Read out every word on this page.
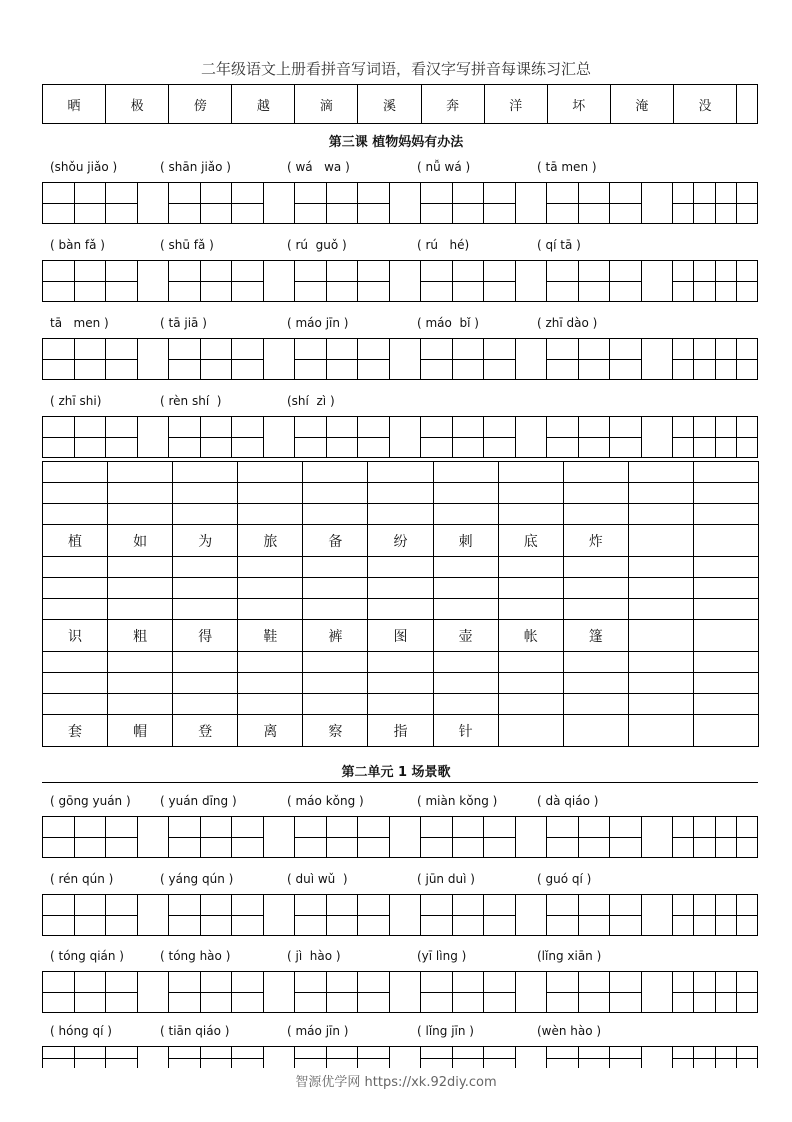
二年级语文上册看拼音写词语，看汉字写拼音每课练习汇总
晒	极	傍	越	滴	溪	奔	洋	坏	淹	没
第三课 植物妈妈有办法
(shǒu jiǎo )	( shān jiǎo )	( wá   wa )	( nǚ wá )	( tā men )
( bàn fǎ )	( shū fǎ )	( rú  guǒ )	( rú   hé)	( qí tā )
tā   men )	( tā jiā )	( máo jīn )	( máo  bǐ )	( zhī dào )
( zhī shi)	( rèn shí  )	(shí  zì )
植	如	为	旅	备	纷	刺	底	炸
识	粗	得	鞋	裤	图	壶	帐	篷
套	帽	登	离	察	指	针
第二单元 1 场景歌
( gōng yuán ) ( yuán dīng )	( máo kǒng )	( miàn kǒng )	( dà qiáo )
( rén qún )	( yáng qún )	( duì wǔ  )	( jūn duì )	( guó qí )
( tóng qián )	( tóng hào )	( jì  hào )	(yī lìng )	(lǐng xiān )
( hóng qí )	( tiān qiáo )	( máo jīn )	( lǐng jīn )	(wèn hào )
智源优学网 https://xk.92diy.com
